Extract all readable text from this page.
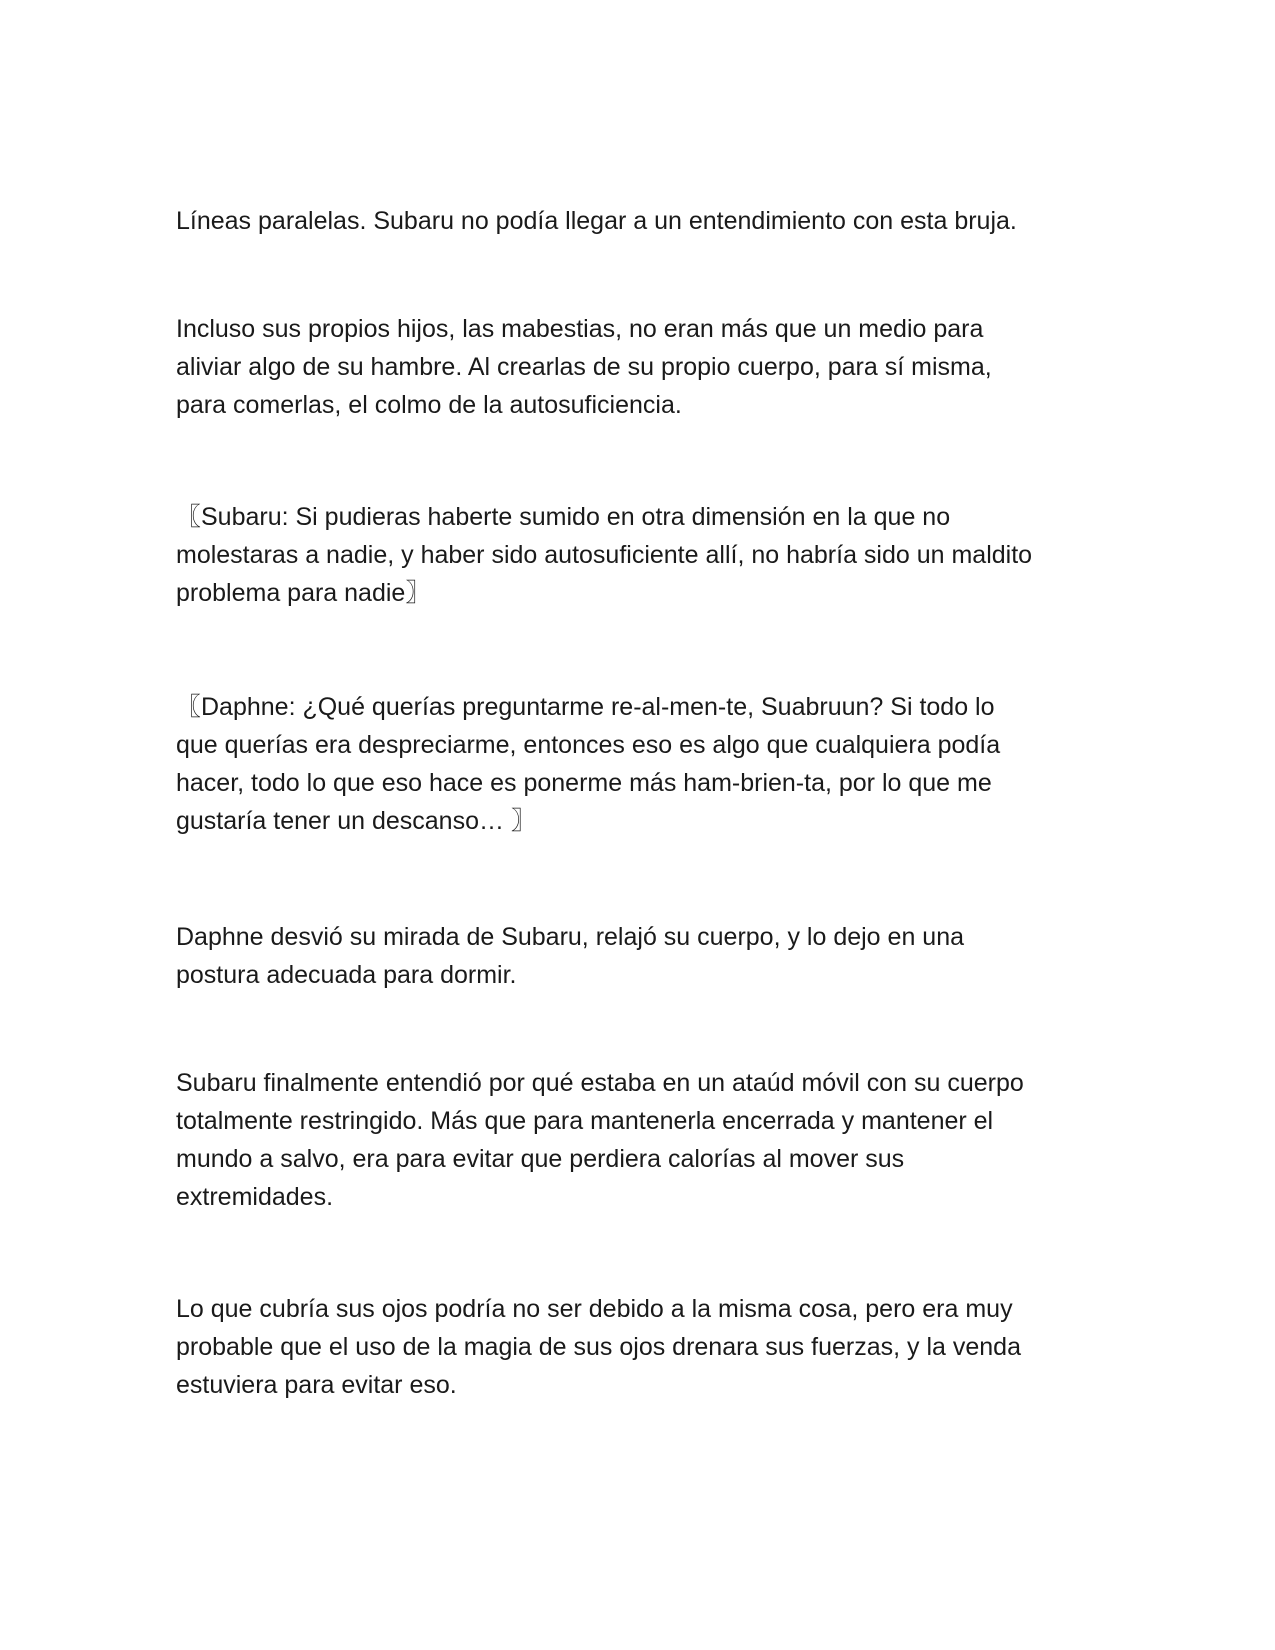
Líneas paralelas. Subaru no podía llegar a un entendimiento con esta bruja.
Incluso sus propios hijos, las mabestias, no eran más que un medio para
aliviar algo de su hambre. Al crearlas de su propio cuerpo, para sí misma,
para comerlas, el colmo de la autosuficiencia.
〖Subaru: Si pudieras haberte sumido en otra dimensión en la que no
molestaras a nadie, y haber sido autosuficiente allí, no habría sido un maldito
problema para nadie〗
〖Daphne: ¿Qué querías preguntarme re-al-men-te, Suabruun? Si todo lo
que querías era despreciarme, entonces eso es algo que cualquiera podía
hacer, todo lo que eso hace es ponerme más ham-brien-ta, por lo que me
gustaría tener un descanso… 〗
Daphne desvió su mirada de Subaru, relajó su cuerpo, y lo dejo en una
postura adecuada para dormir.
Subaru finalmente entendió por qué estaba en un ataúd móvil con su cuerpo
totalmente restringido. Más que para mantenerla encerrada y mantener el
mundo a salvo, era para evitar que perdiera calorías al mover sus
extremidades.
Lo que cubría sus ojos podría no ser debido a la misma cosa, pero era muy
probable que el uso de la magia de sus ojos drenara sus fuerzas, y la venda
estuviera para evitar eso.
